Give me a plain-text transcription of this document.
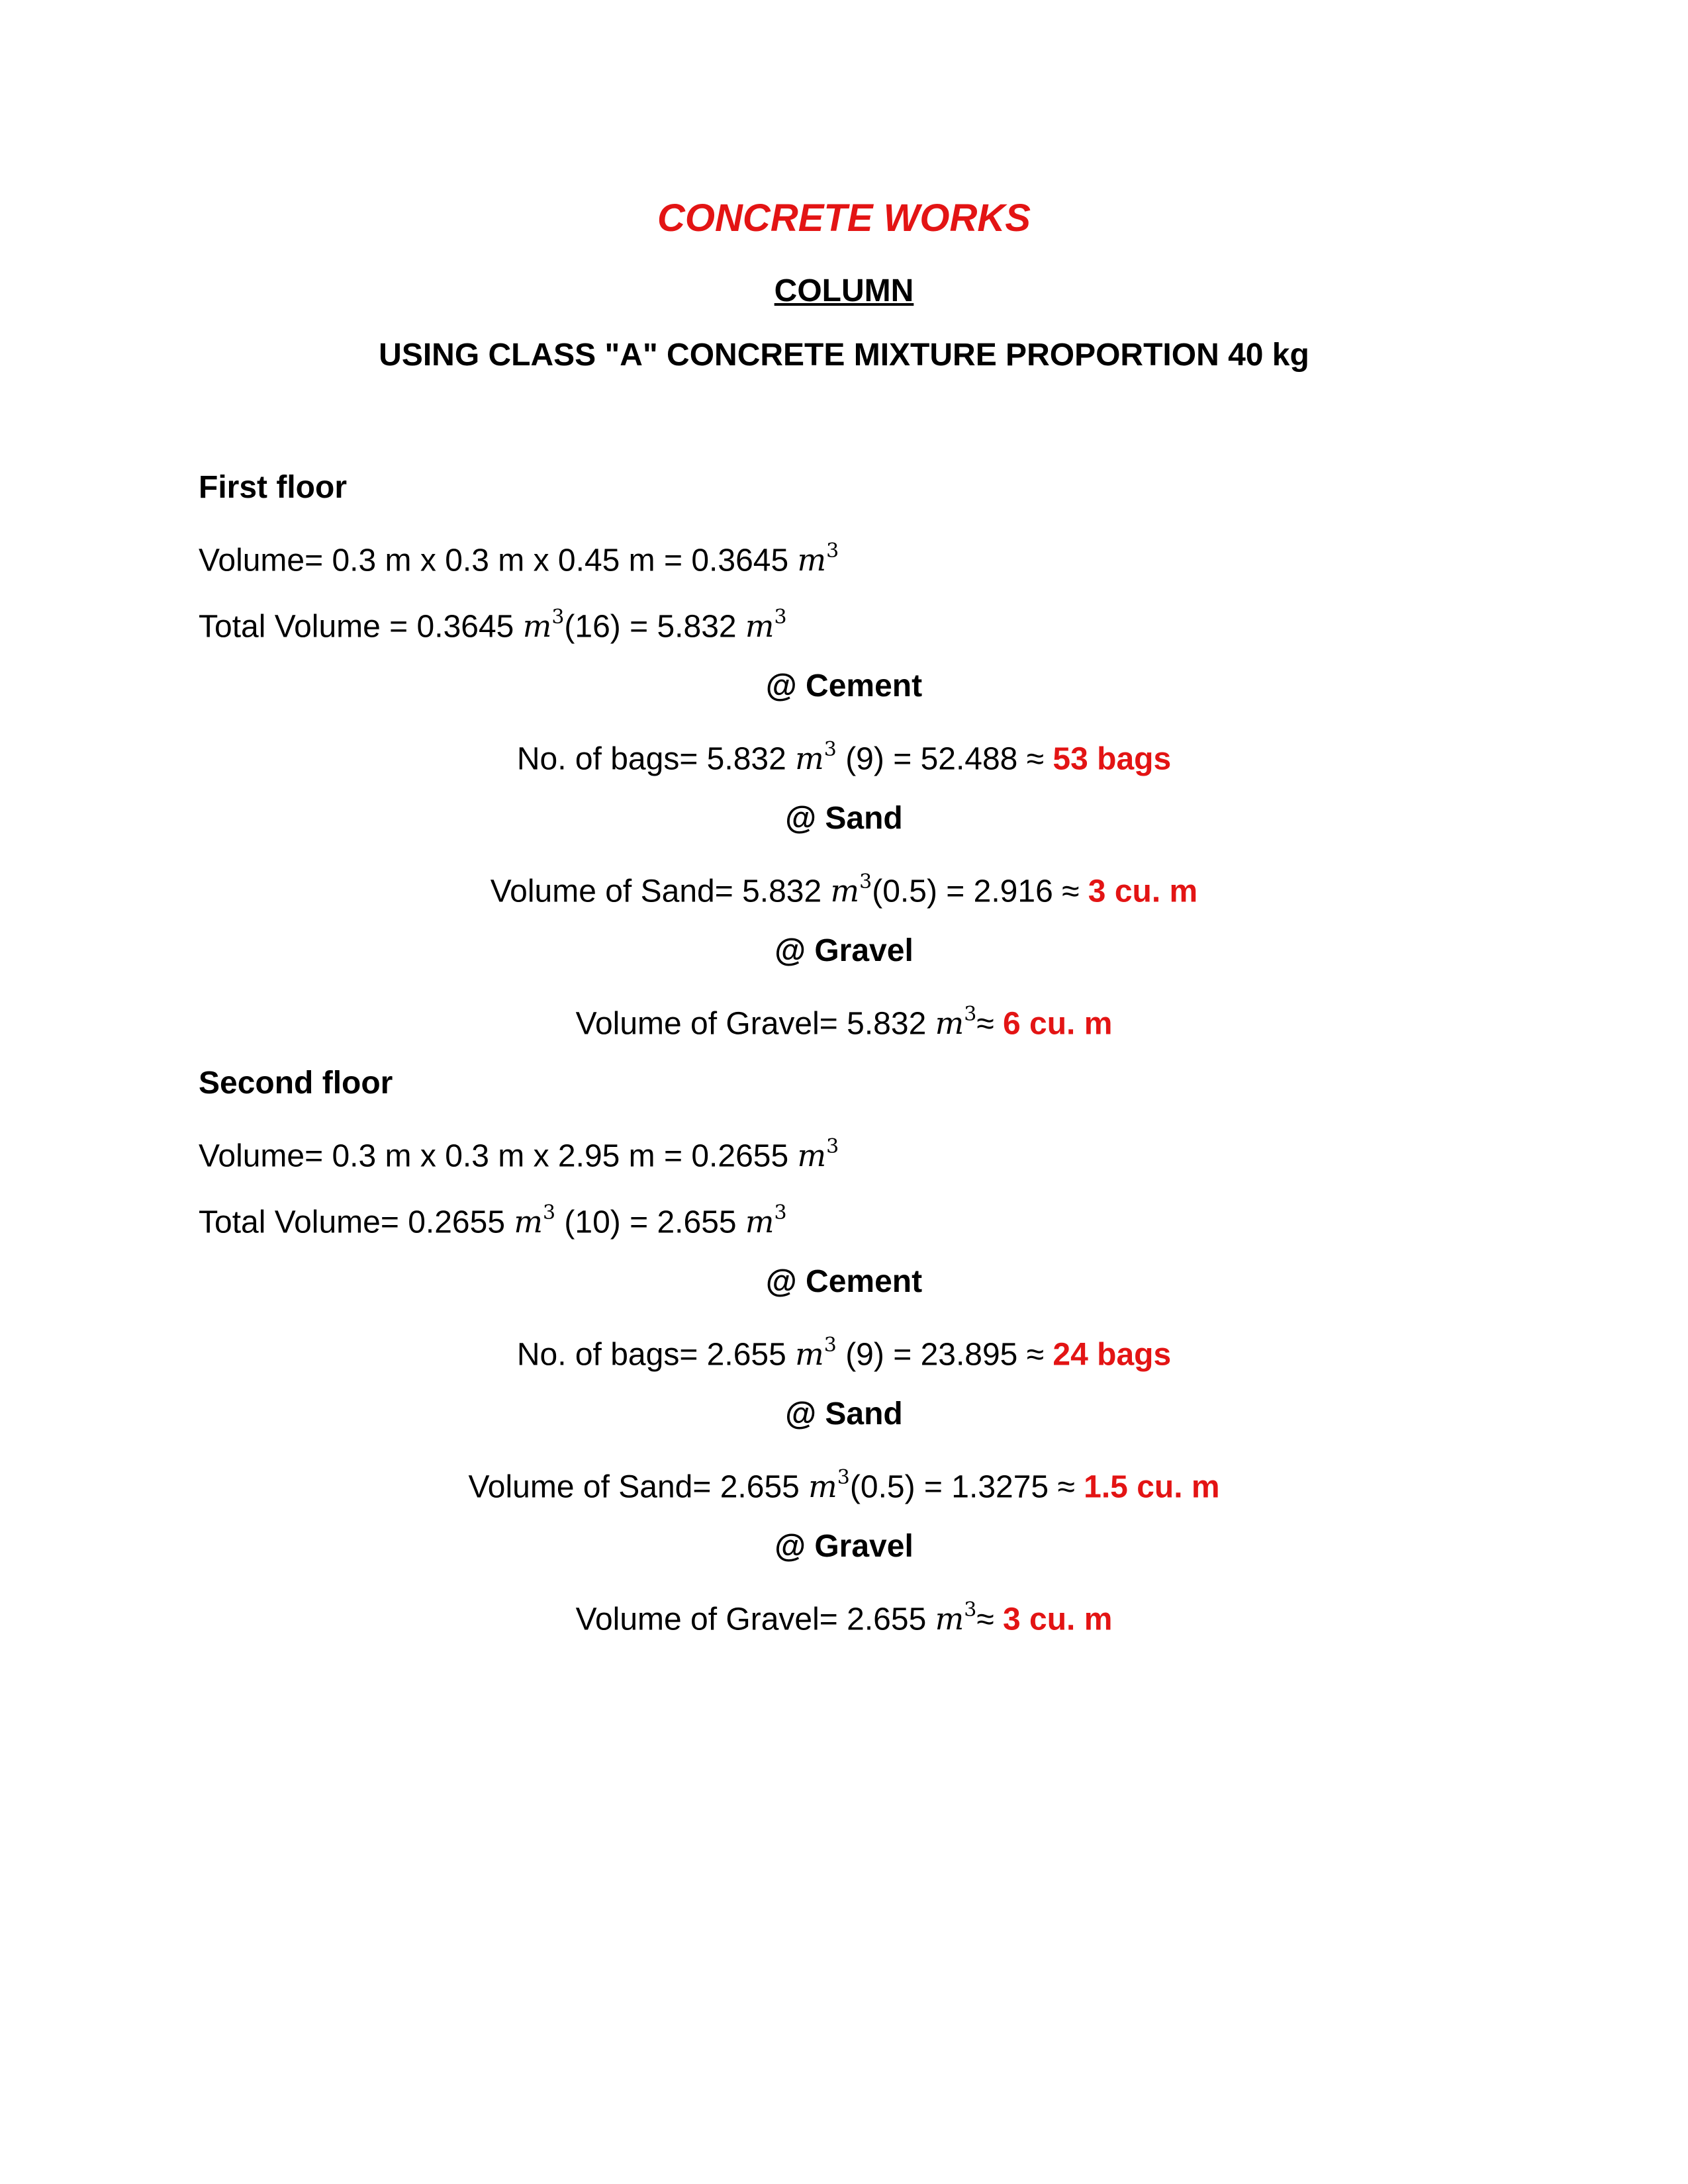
CONCRETE WORKS
COLUMN
USING CLASS "A" CONCRETE MIXTURE PROPORTION 40 kg
First floor
Volume= 0.3 m x 0.3 m x 0.45 m = 0.3645 $m^3$
Total Volume = 0.3645 $m^3(16) = 5.832$ $m^3$
@ Cement
No. of bags= 5.832 $m^3$ (9) = 52.488 ≈ 53 bags
@ Sand
Volume of Sand= 5.832 $m^3(0.5) = 2.916 \approx 3$ cu. m
@ Gravel
Volume of Gravel= 5.832 $m^3\approx 6$ cu. m
Second floor
Volume= 0.3 m x 0.3 m x 2.95 m = 0.2655 $m^3$
Total Volume= 0.2655 $m^3$ (10) = 2.655 $m^3$
@ Cement
No. of bags= 2.655 $m^3$ (9) = 23.895 ≈ 24 bags
@ Sand
Volume of Sand= 2.655 $m^3(0.5) = 1.3275 \approx 1.5$ cu. m
@ Gravel
Volume of Gravel= 2.655 $m^3\approx 3$ cu. m
